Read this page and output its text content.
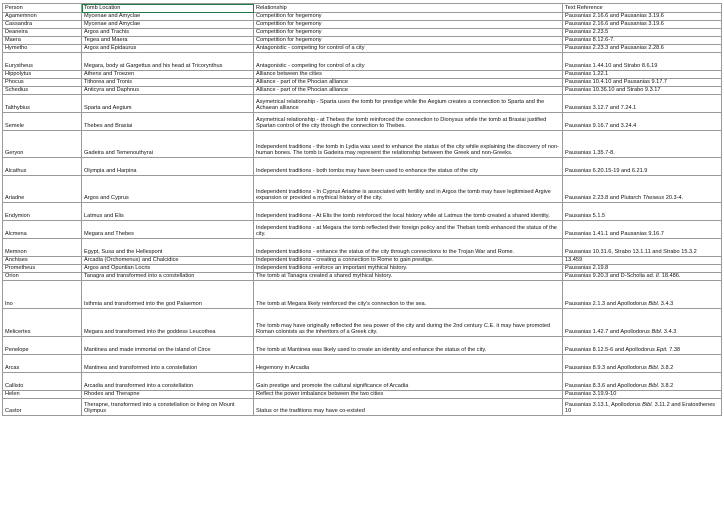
Person	Tomb Location	Relationship	Text Reference
Agamemnon	Mycenae and Amyclae	Competition for hegemony	Pausanias 2.16.6 and Pausanias 3.19.6
Cassandra	Mycenae and Amyclae	Competition for hegemony	Pausanias 2.16.6 and Pausanias 3.19.6
Deaneira	Argos and Trachis	Competition for hegemony	Pausanias 2.23.5
Maera	Tegea and Maera	Competition for hegemony	Pausanias 8.12.6-7.
Hymetho	Argos and Epidaurus	Antagonistic - competing for control of a city	Pausanias 2.23.3 and Pausanias 2.28.6
Eurystheus	Megara, body at Gargettus and his head at Tricorynthus	Antagonistic - competing for control of a city	Pausanias 1.44.10 and Strabo 8.6.19
Hippolytus	Athens and Troezen	Alliance between the cities	Pausanias 1.22.1
Phocus	Tithorea and Tronis	Alliance - part of the Phocian alliance	Pausanias 10.4.10 and Pausanias 9.17.7
Schedius	Anticyra and Daphnus	Alliance - part of the Phocian alliance	Pausanias 10.36.10 and Strabo 9.3.17
Talthybius	Sparta and Aegium	Asymetrical relationship - Sparta uses the tomb for prestige while the Aegium creates a connection to Sparta and the Achaean alliance	Pausanias 3.12.7 and 7.24.1
Semele	Thebes and Brasiai	Asymetrical relationship - at Thebes the tomb reinforced the connection to Dionysus while the tomb at Brasiai justified Spartan control of the city through the connection to Thebes.	Pausanias 9.16.7 and 3.24.4
Geryon	Gadeira and Temenouthyrai	Independent traditions - the tomb in Lydia was used to enhance the status of the city while explaining the discovery of non-human bones. The tomb is Gadeira may represent the relationship between the Greek and non-Greeks.	Pausanias 1.35.7-8.
Alcathus	Olympia and Harpina	Independent traditions - both tombs may have been used to enhance the status of the city	Pausanias 6.20.15-19 and 6.21.9
Ariadne	Argos and Cyprus	Independent traditions - In Cyprus Ariadne is associated with fertility and in Argos the tomb may have legitimised Argive expansion or provided a mythical history of the city.	Pausanias 2.23.8 and Plutarch Theseus 20.3-4.
Endymion	Latmus and Elis	Independent traditions - At Elis the tomb reinforced the local history while at Latmus the tomb created a shared identity.	Pausanias 5.1.5
Alcmena	Megara and Thebes	Independent traditions - at Megara the tomb reflected their foreign policy and the Theban tomb enhanced the status of the city.	Pausanias 1.41.1 and Pausanias 9.16.7
Memnon	Egypt, Susa and the Hellespont	Independent traditions - enhance the status of the city through connections to the Trojan War and Rome.	Pausanias 10.31.6, Strabo 13.1.11 and Strabo 15.3.2
Anchises	Arcadia (Orchomenus) and Chalcidice	Independent traditions - creating a connection to Rome to gain prestige.	13.459
Prometheus	Argos and Opuntian Locris	Independent traditions -enforce an important mythical history.	Pausanias 2.19.8
Orion	Tanagra and transformed into a constellation	The tomb at Tanagra created a shared mythical history.	Pausanias 9.20.3 and D-Scholia ad. Il. 18.486.
Ino	Isthmia and transformed into the god Palaemon	The tomb at Megara likely reinforced the city's connection to the sea.	Pausanias 2.1.3 and Apollodorus Bibl. 3.4.3
Melicertes	Megara and transformed into the goddess Leucothea	The tomb may have originally reflected the sea power of the city and during the 2nd century C.E. it may have promoted Roman colonists as the inheritors of a Greek city.	Pausanias 1.42.7 and Apollodorus Bibl. 3.4.3
Penelope	Mantinea and made immortal on the island of Circe	The tomb at Mantinea was likely used to create an identity and enhance the status of the city.	Pausanias 8.12.5-6 and Apollodorus Epit. 7.38
Arcas	Mantinea and transformed into a constellation	Hegemony in Arcadia	Pausanias 8.9.3 and Apollodorus Bibl. 3.8.2
Callisto	Arcadia and transformed into a constellation	Gain prestige and promote the cultural significance of Arcadia	Pausanias 8.3.6 and Apollodorus Bibl. 3.8.2
Helen	Rhodes and Therapne	Reflect the power imbalance between the two cities	Pausanias 3.19.9-10
Castor	Therapne, transformed into a constellation or living on Mount Olympus	Status or the traditions may have co-existed	Pausanias 3.13.1, Apollodorus Bibl. 3.11.2 and Eratosthenes 10
